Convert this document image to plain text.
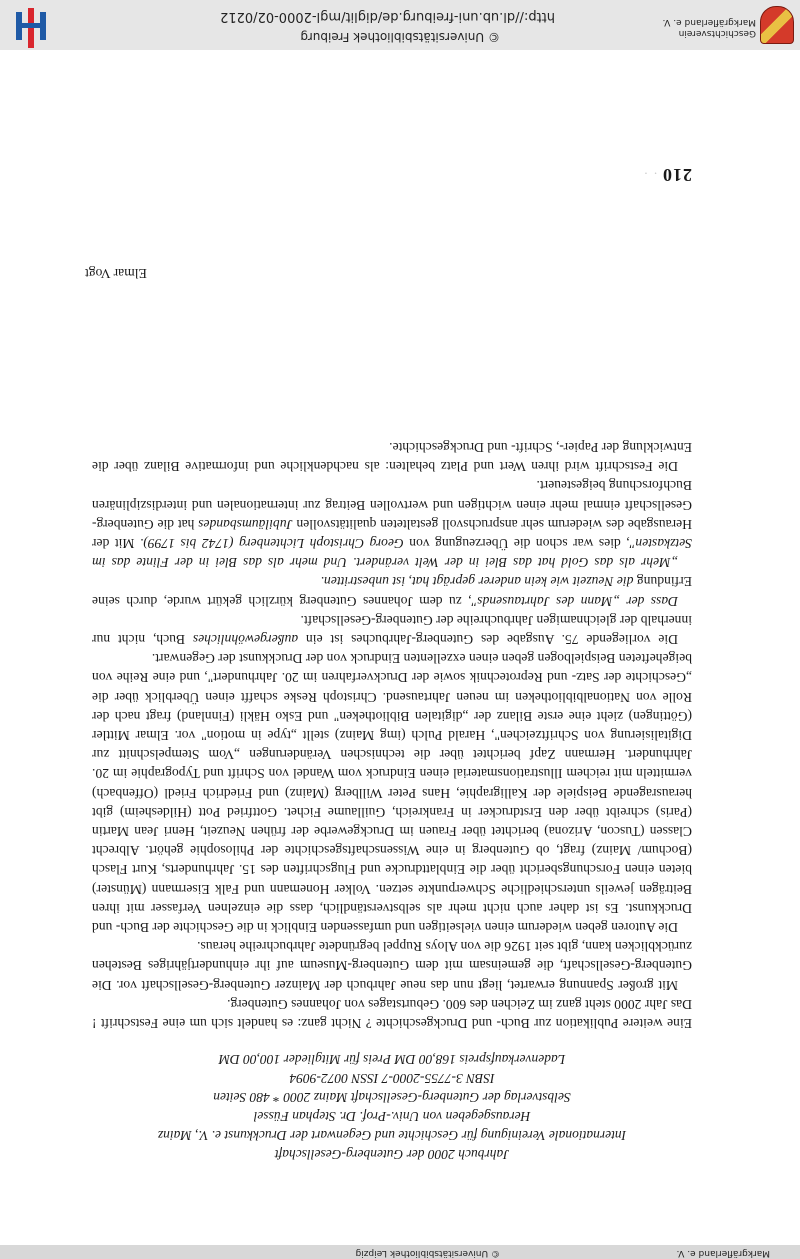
http://dl.ub.uni-freiburg.de/diglit/mgl-2000-02/0212
© Universitätsbibliothek Freiburg	Geschichtsverein
Markgräflerland e. V.
© Universitätsbibliothek Leipzig	Markgräflerland e. V.
210 · ·

Jahrbuch 2000 der Gutenberg-Gesellschaft

Internationale Vereinigung für Geschichte und Gegenwart der Druckkunst e. V., Mainz

Herausgegeben von Univ.-Prof. Dr. Stephan Füssel

Selbstverlag der Gutenberg-Gesellschaft Mainz 2000 * 480 Seiten

ISBN 3-7755-2000-7 ISSN 0072-9094

Ladenverkaufspreis 168,00 DM Preis für Mitglieder 100,00 DM

Eine weitere Publikation zur Buch- und Druckgeschichte ? Nicht ganz: es handelt sich um eine Festschrift ! Das Jahr 2000 steht ganz im Zeichen des 600. Geburtstages von Johannes Gutenberg.

Mit großer Spannung erwartet, liegt nun das neue Jahrbuch der Mainzer Gutenberg-Gesellschaft vor. Die Gutenberg-Gesellschaft, die gemeinsam mit dem Gutenberg-Museum auf ihr einhundertjähriges Bestehen zurückblicken kann, gibt seit 1926 die von Aloys Ruppel begründete Jahrbuchreihe heraus.

Die Autoren geben wiederum einen vielseitigen und umfassenden Einblick in die Geschichte der Buch- und Druckkunst. Es ist daher auch nicht mehr als selbstverständlich, dass die einzelnen Verfasser mit ihren Beiträgen jeweils unterschiedliche Schwerpunkte setzen. Volker Honemann und Falk Eisermann (Münster) bieten einen Forschungsbericht über die Einblattdrucke und Flugschriften des 15. Jahrhunderts, Kurt Flasch (Bochum/ Mainz) fragt, ob Gutenberg in eine Wissenschaftsgeschichte der Philosophie gehört. Albrecht Classen (Tuscon, Arizona) berichtet über Frauen im Druckgewerbe der frühen Neuzeit, Henri Jean Martin (Paris) schreibt über den Erstdrucker in Frankreich, Guillaume Fichet. Gottfried Pott (Hildesheim) gibt herausragende Beispiele der Kalligraphie, Hans Peter Willberg (Mainz) und Friedrich Friedl (Offenbach) vermitteln mit reichem Illustrationsmaterial einen Eindruck vom Wandel von Schrift und Typographie im 20. Jahrhundert. Hermann Zapf berichtet über die technischen Veränderungen „Vom Stempelschnitt zur Digitalisierung von Schriftzeichen", Harald Pulch (img Mainz) stellt „type in motion" vor. Elmar Mittler (Göttingen) zieht eine erste Bilanz der „digitalen Bibliotheken" und Esko Häkli (Finnland) fragt nach der Rolle von Nationalbibliotheken im neuen Jahrtausend. Christoph Reske schafft einen Überblick über die „Geschichte der Satz- und Reprotechnik sowie der Druckverfahren im 20. Jahrhundert", und eine Reihe von beigehefteten Beispielbogen geben einen exzellenten Eindruck von der Druckkunst der Gegenwart.

Die vorliegende 75. Ausgabe des Gutenberg-Jahrbuches ist ein außergewöhnliches Buch, nicht nur innerhalb der gleichnamigen Jahrbuchreihe der Gutenberg-Gesellschaft.

Dass der „Mann des Jahrtausends", zu dem Johannes Gutenberg kürzlich gekürt wurde, durch seine Erfindung die Neuzeit wie kein anderer geprägt hat, ist unbestritten.

„Mehr als das Gold hat das Blei in der Welt verändert. Und mehr als das Blei in der Flinte das im Setzkasten", dies war schon die Überzeugung von Georg Christoph Lichtenberg (1742 bis 1799). Mit der Herausgabe des wiederum sehr anspruchsvoll gestalteten qualitätsvollen Jubiläumsbandes hat die Gutenberg-Gesellschaft einmal mehr einen wichtigen und wertvollen Beitrag zur internationalen und interdisziplinären Buchforschung beigesteuert.

Die Festschrift wird ihren Wert und Platz behalten: als nachdenkliche und informative Bilanz über die Entwicklung der Papier-, Schrift- und Druckgeschichte.

Elmar Vogt
